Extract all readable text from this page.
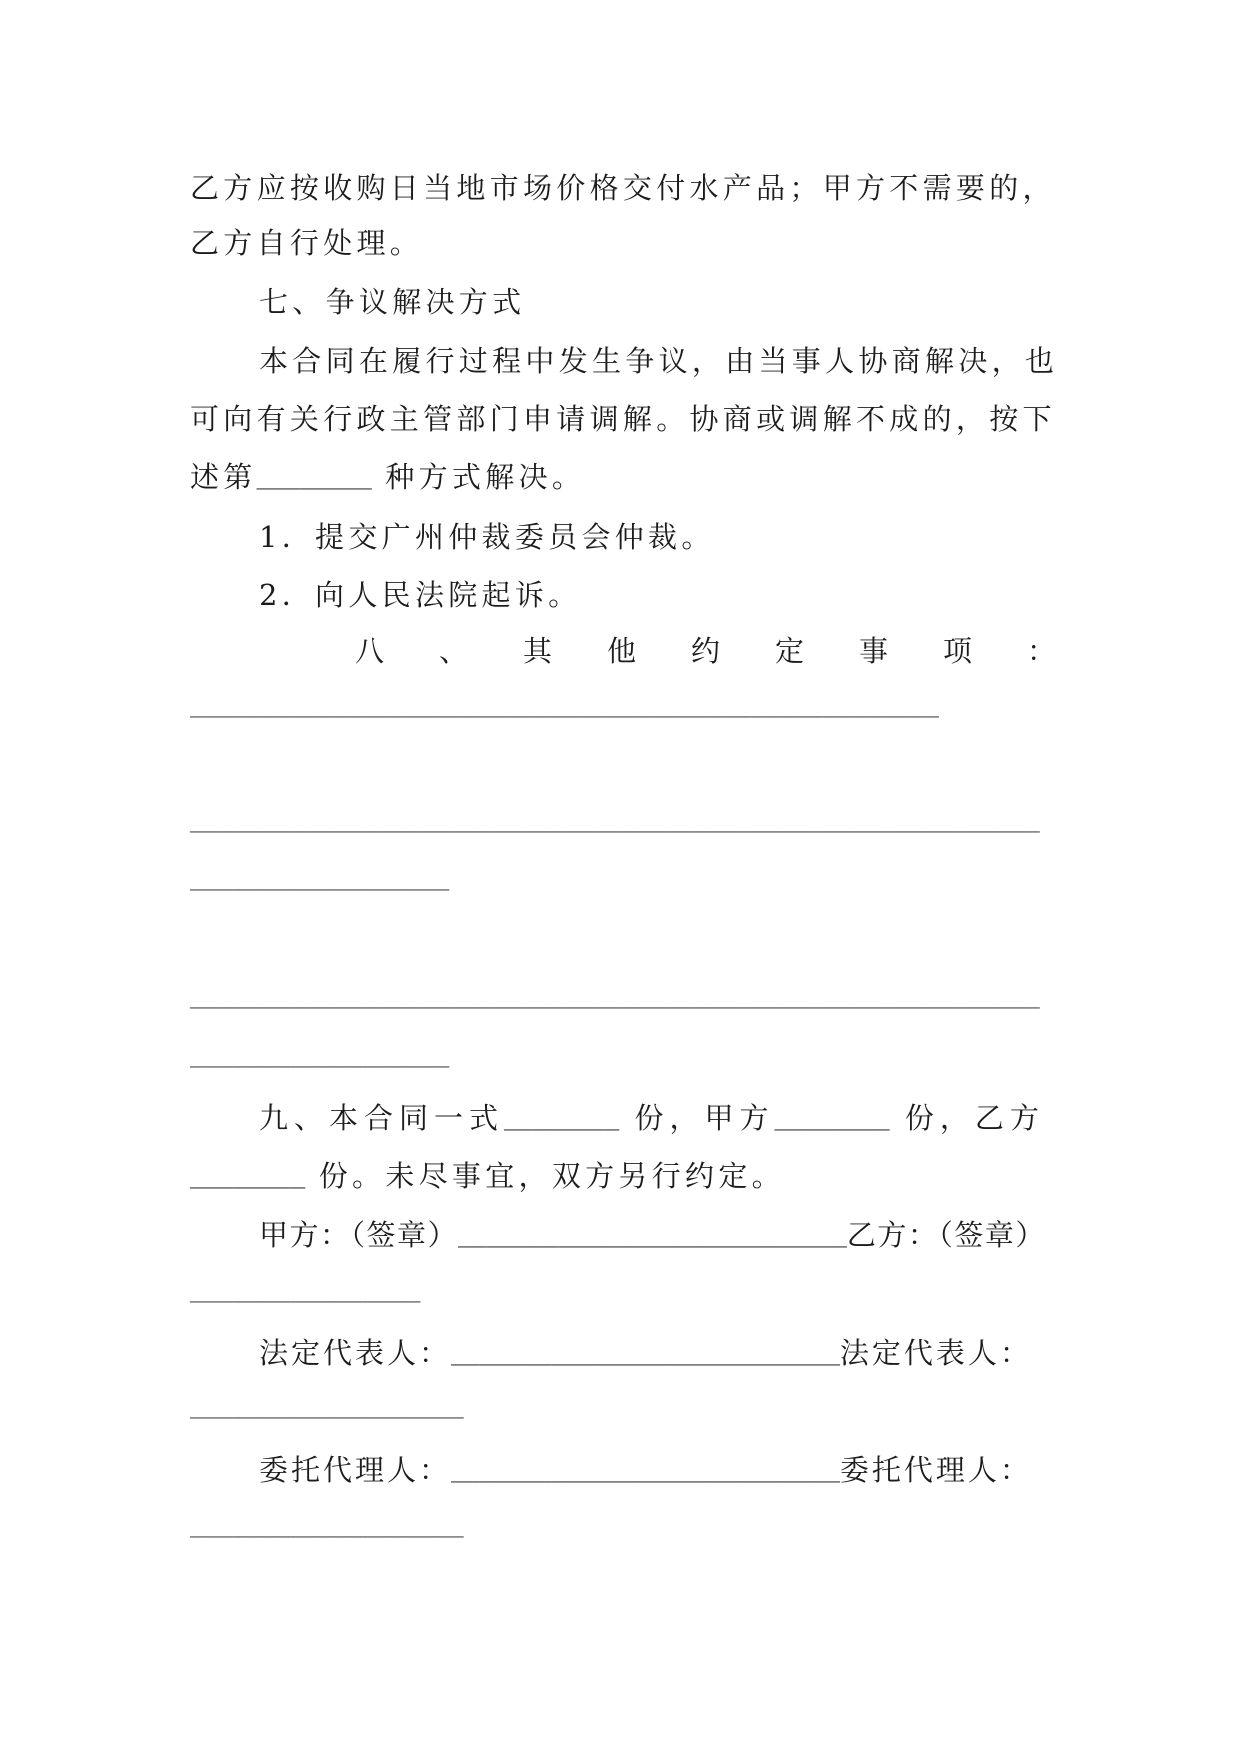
乙方应按收购日当地市场价格交付水产品；甲方不需要的，
乙方自行处理。
七、争议解决方式
本合同在履行过程中发生争议，由当事人协商解决，也
可向有关行政主管部门申请调解。协商或调解不成的，按下
述第________ 种方式解决。
1．提交广州仲裁委员会仲裁。
2．向人民法院起诉。
八、其他约定事项：
____________________________________________________
___________________________________________________________
__________________
___________________________________________________________
__________________
九、本合同一式________ 份，甲方________ 份，乙方
________ 份。未尽事宜，双方另行约定。
甲方：（签章）___________________________乙方：（签章）
________________
法定代表人：___________________________法定代表人：
___________________
委托代理人：___________________________委托代理人：
___________________
